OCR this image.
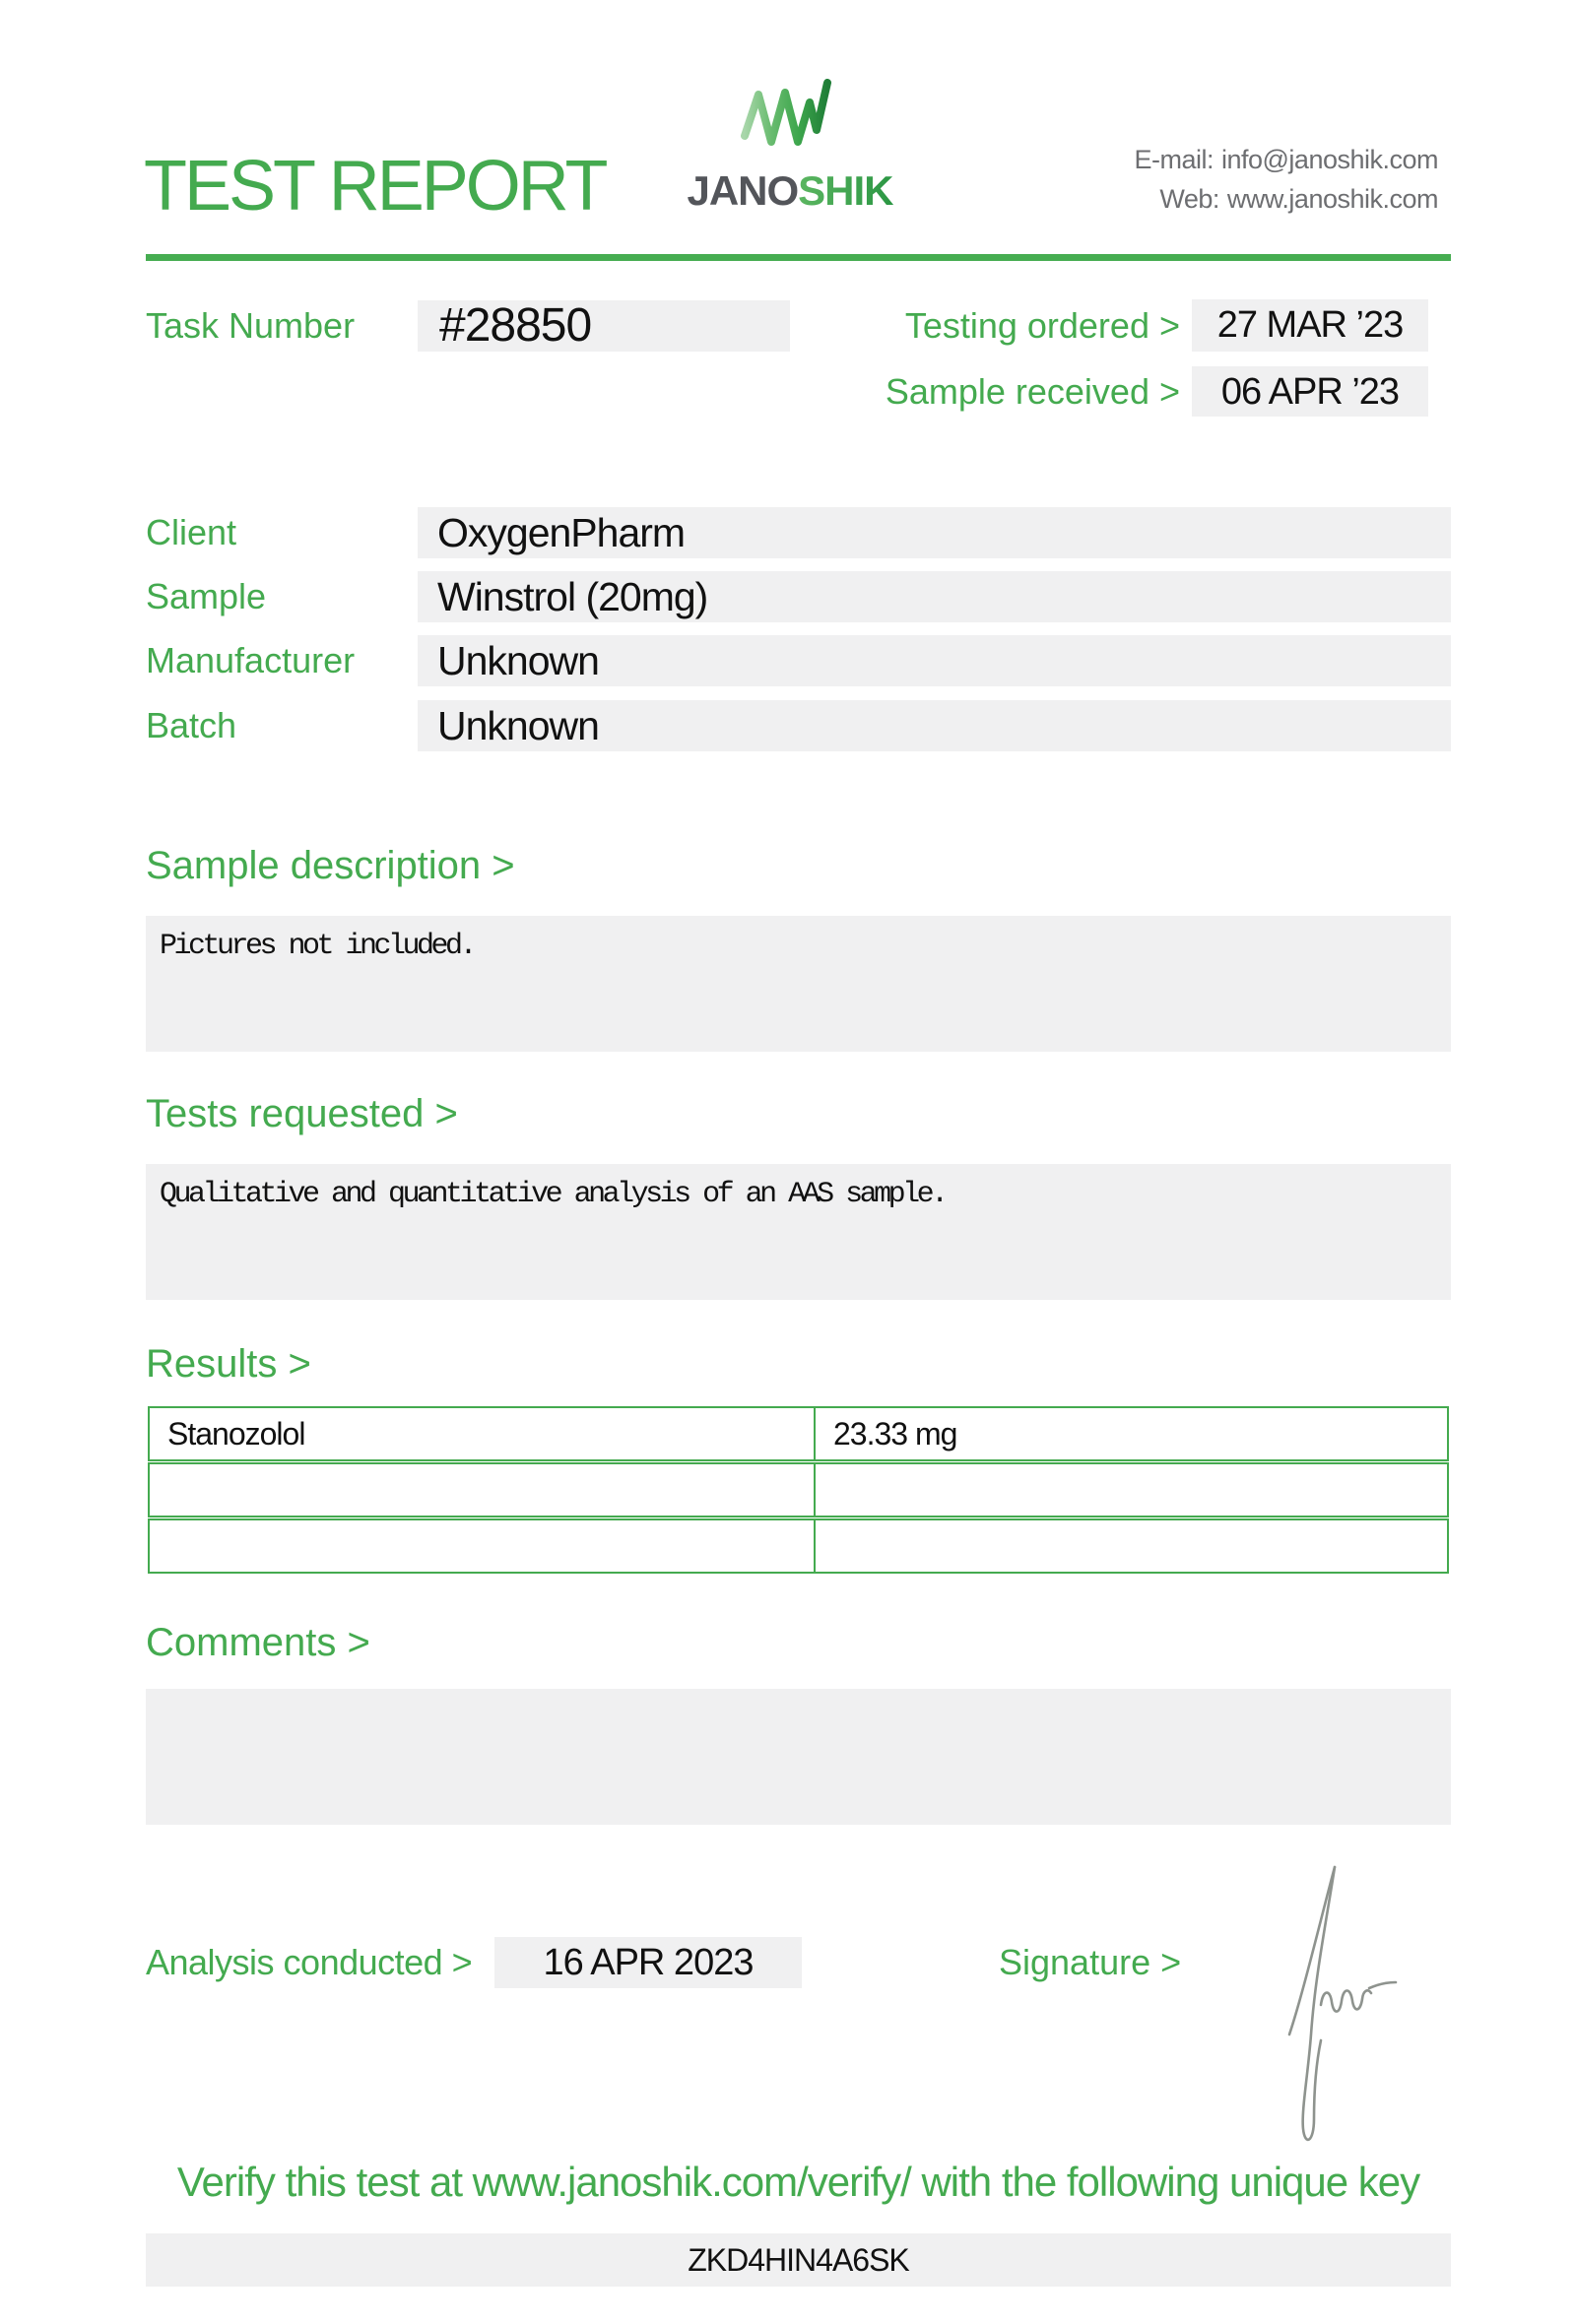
TEST REPORT	JANOSHIK
E-mail: info@janoshik.com
Web: www.janoshik.com
Task Number	#28850	Testing ordered > 27 MAR ’23
Sample received >	06 APR ’23
Client	OxygenPharm
Sample	Winstrol (20mg)
Manufacturer	Unknown
Batch	Unknown
Sample description >
Pictures not included.
Tests requested >
Qualitative and quantitative analysis of an AAS sample.
Results >
Stanozolol	23.33 mg
Comments >
Analysis conducted >	16 APR 2023	Signature >
Verify this test at www.janoshik.com/verify/ with the following unique key
ZKD4HIN4A6SK
